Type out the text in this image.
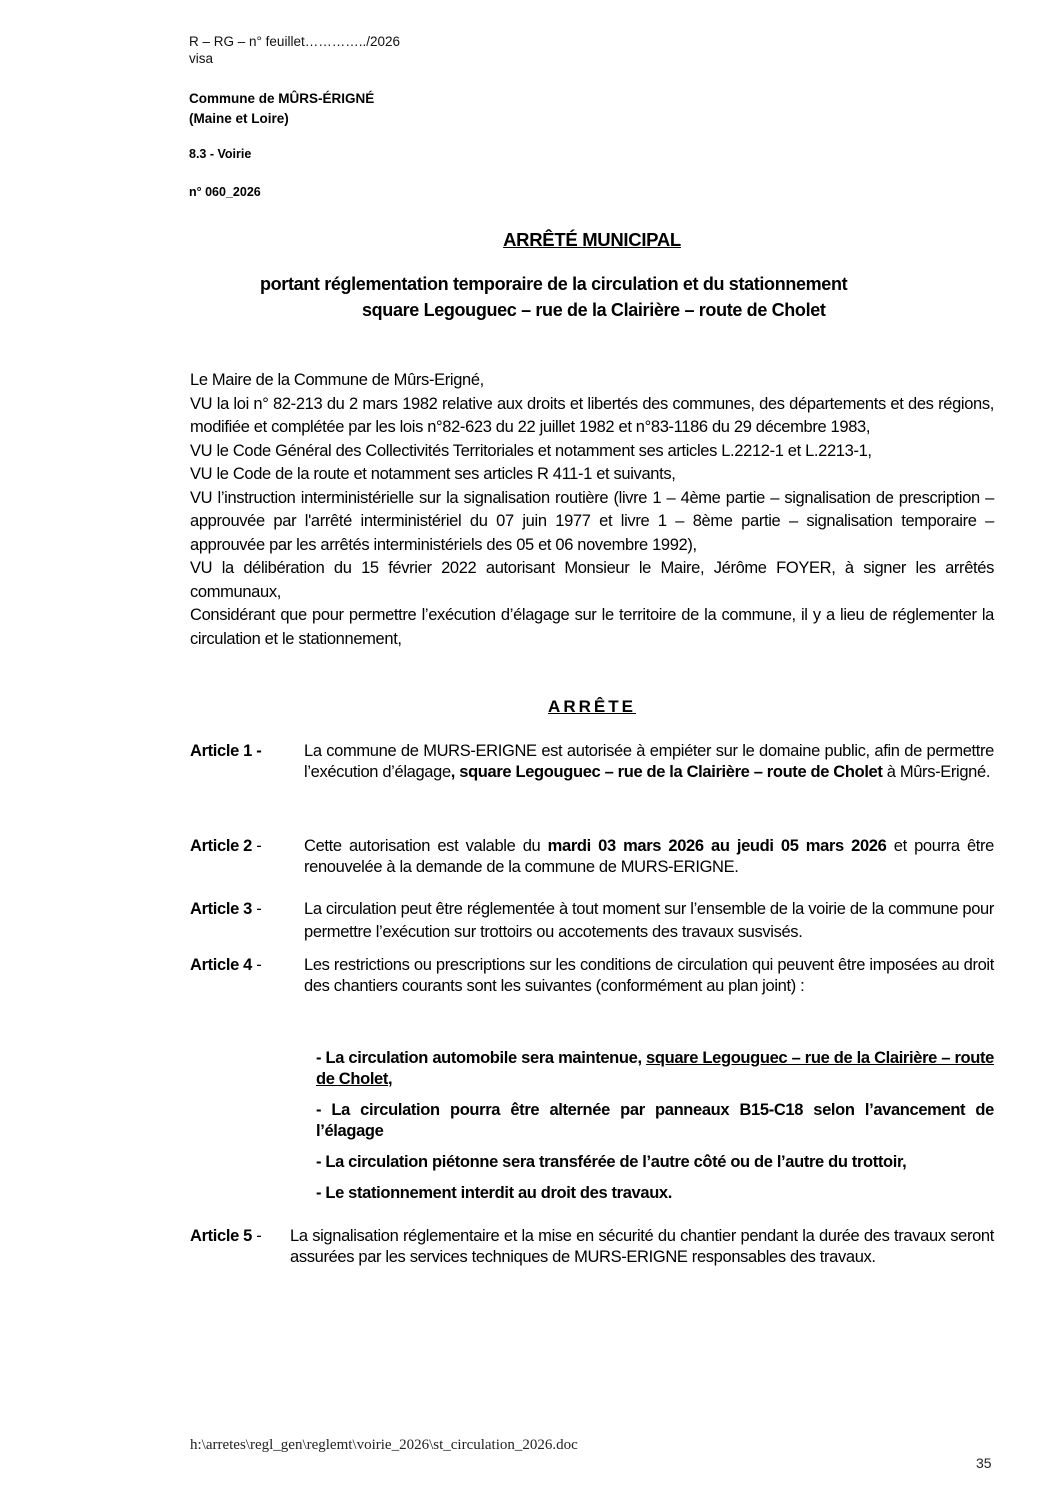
R – RG – n° feuillet…………../2026
visa
Commune de MÛRS-ÉRIGNÉ
(Maine et Loire)
8.3 - Voirie
n° 060_2026
ARRÊTÉ MUNICIPAL
portant réglementation temporaire de la circulation et du stationnement
square Legouguec – rue de la Clairière – route de Cholet

Le Maire de la Commune de Mûrs-Erigné,

VU la loi n° 82-213 du 2 mars 1982 relative aux droits et libertés des communes, des départements et des régions, modifiée et complétée par les lois n°82-623 du 22 juillet 1982 et n°83-1186 du 29 décembre 1983,

VU le Code Général des Collectivités Territoriales et notamment ses articles L.2212-1 et L.2213-1,

VU le Code de la route et notamment ses articles R 411-1 et suivants,

VU l’instruction interministérielle sur la signalisation routière (livre 1 – 4ème partie – signalisation de prescription – approuvée par l'arrêté interministériel du 07 juin 1977 et livre 1 – 8ème partie – signalisation temporaire – approuvée par les arrêtés interministériels des 05 et 06 novembre 1992),

VU la délibération du 15 février 2022 autorisant Monsieur le Maire, Jérôme FOYER, à signer les arrêtés communaux,

Considérant que pour permettre l’exécution d’élagage sur le territoire de la commune, il y a lieu de réglementer la circulation et le stationnement,

ARRÊTE
Article 1 -	La commune de MURS-ERIGNE est autorisée à empiéter sur le domaine public, afin de permettre l’exécution d’élagage, square Legouguec – rue de la Clairière – route de Cholet à Mûrs-Erigné.
Article 2 -	Cette autorisation est valable du mardi 03 mars 2026 au jeudi 05 mars 2026 et pourra être renouvelée à la demande de la commune de MURS-ERIGNE.
Article 3 -	La circulation peut être réglementée à tout moment sur l’ensemble de la voirie de la commune pour permettre l’exécution sur trottoirs ou accotements des travaux susvisés.
Article 4 -	Les restrictions ou prescriptions sur les conditions de circulation qui peuvent être imposées au droit des chantiers courants sont les suivantes (conformément au plan joint) :

- La circulation automobile sera maintenue, square Legouguec – rue de la Clairière – route de Cholet,

- La circulation pourra être alternée par panneaux B15-C18 selon l’avancement de l’élagage

- La circulation piétonne sera transférée de l’autre côté ou de l’autre du trottoir,

- Le stationnement interdit au droit des travaux.

Article 5 - La signalisation réglementaire et la mise en sécurité du chantier pendant la durée des travaux seront assurées par les services techniques de MURS-ERIGNE responsables des travaux.
h:\arretes\regl_gen\reglemt\voirie_2026\st_circulation_2026.doc
35
